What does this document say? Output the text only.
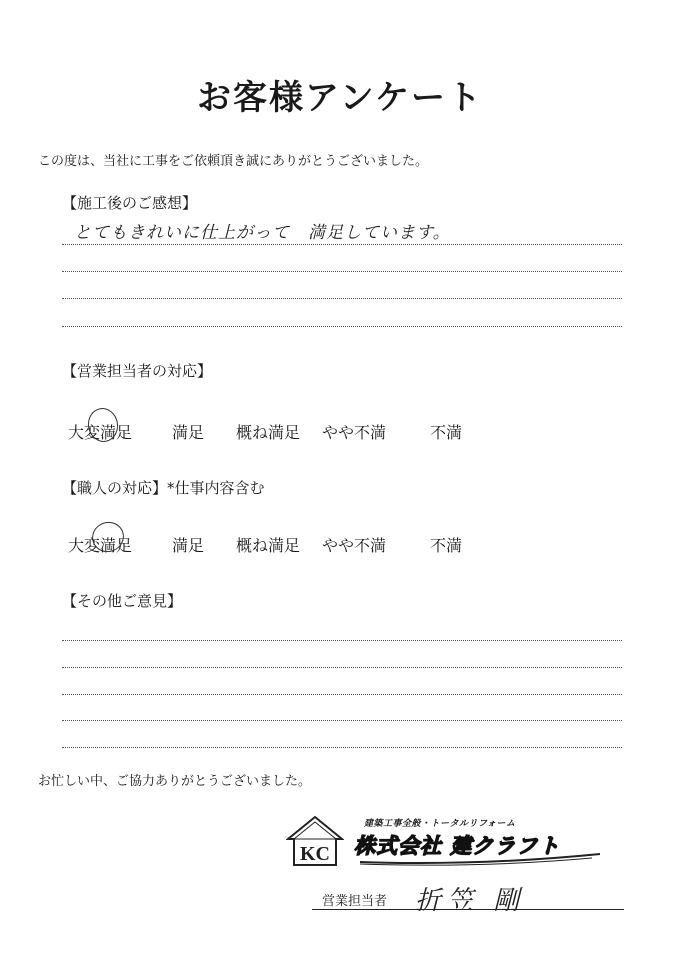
お客様アンケート
この度は、当社に工事をご依頼頂き誠にありがとうございました。
【施工後のご感想】
とてもきれいに仕上がって　満足しています。
【営業担当者の対応】
大変満足	満足	概ね満足	やや不満	不満
【職人の対応】*仕事内容含む
大変満足	満足	概ね満足	やや不満	不満
【その他ご意見】
お忙しい中、ご協力ありがとうございました。
KC
建築工事全般・トータルリフォーム
株式会社 建クラフト
営業担当者 折笠 剛
